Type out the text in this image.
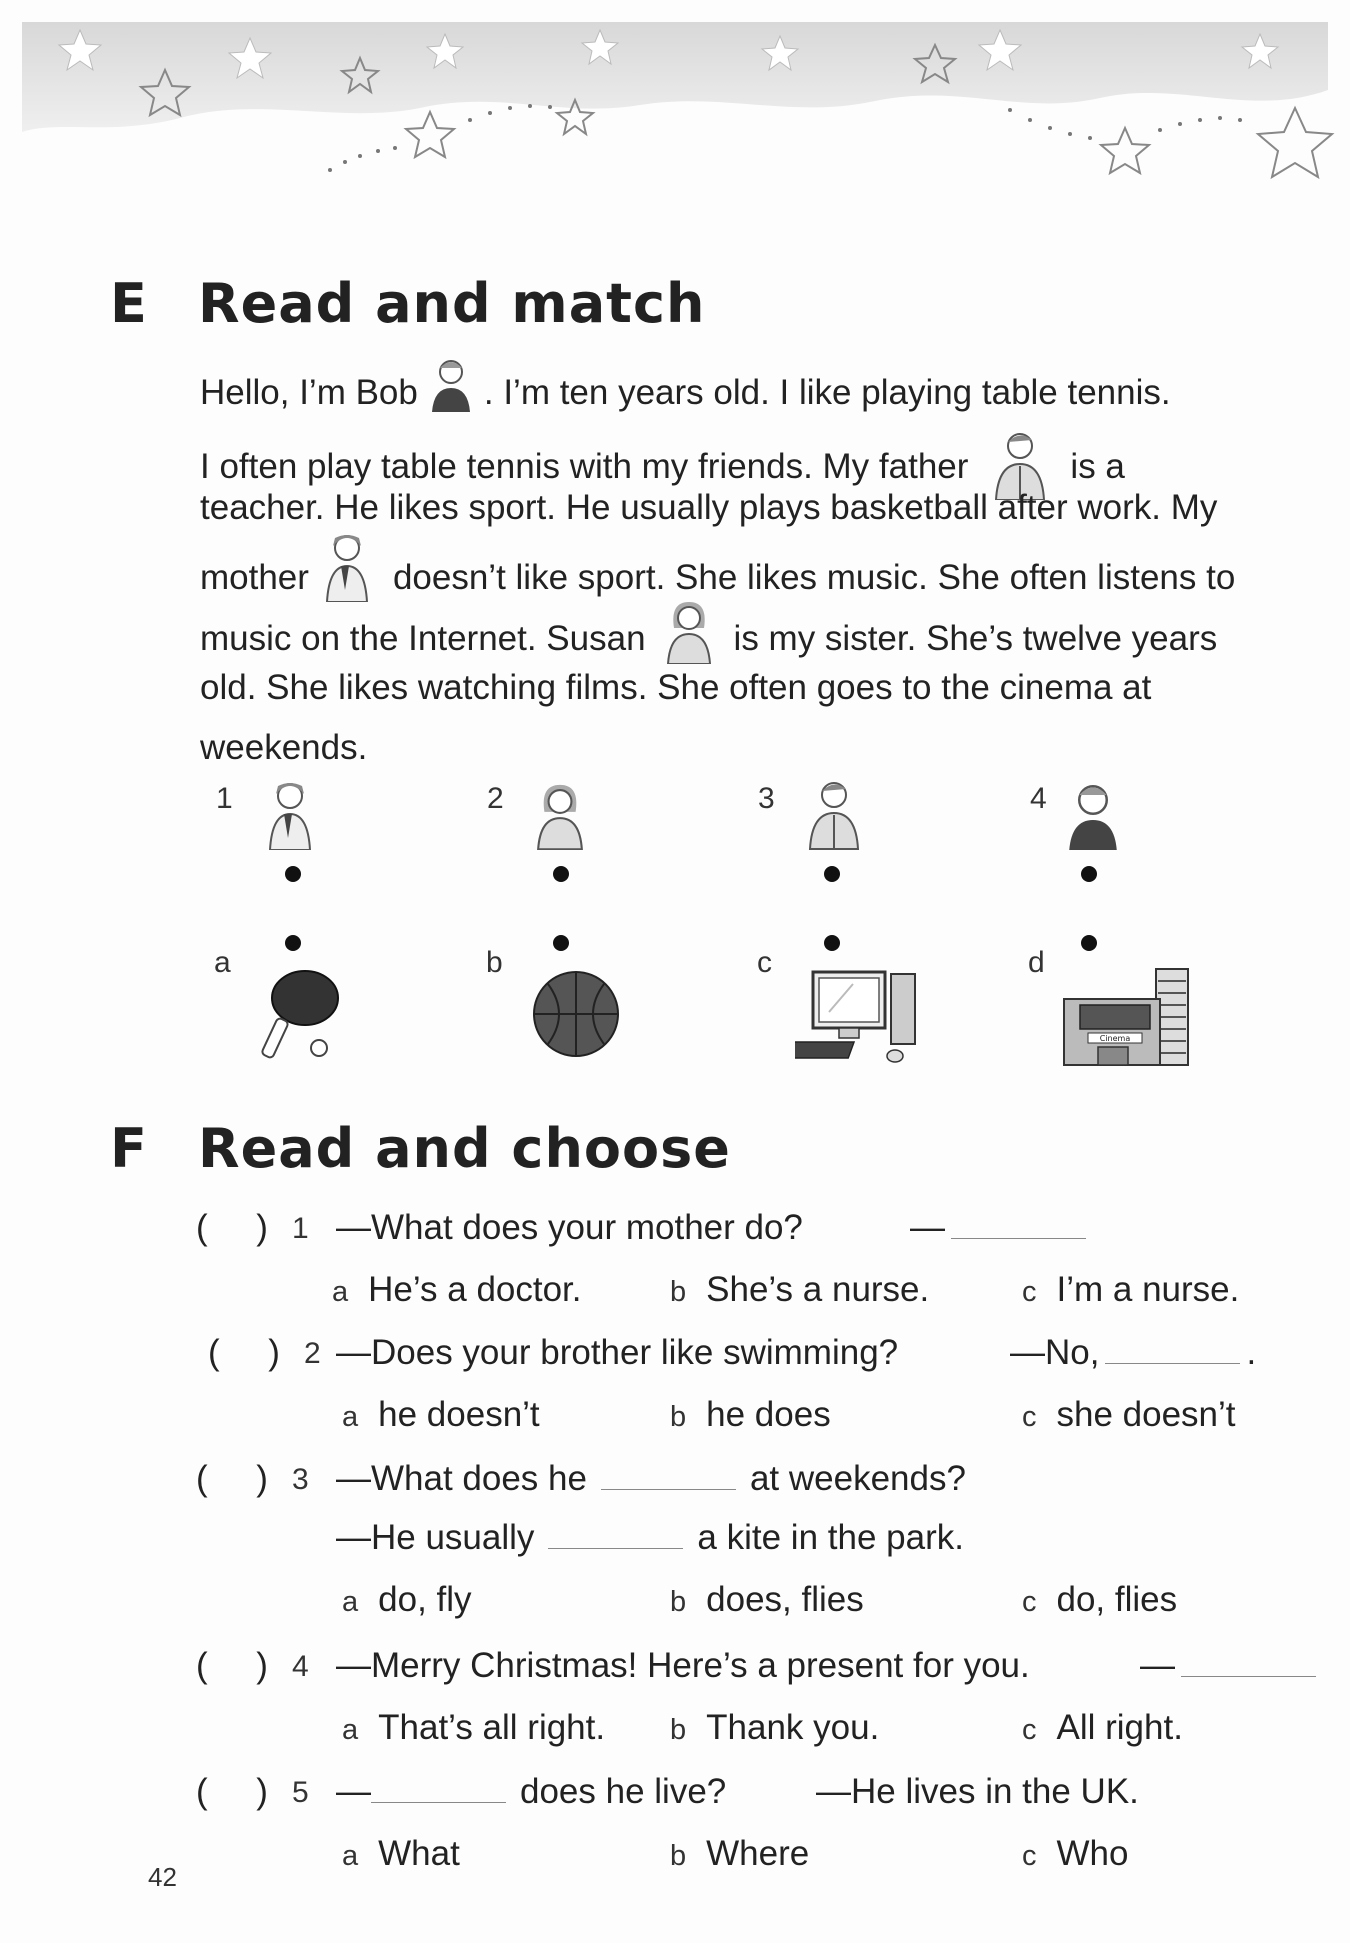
E Read and match
Hello, I’m Bob . I’m ten years old. I like playing table tennis.
I often play table tennis with my friends. My father	is a
teacher. He likes sport. He usually plays basketball after work. My
mother doesn’t like sport. She likes music. She often listens to
music on the Internet. Susan	is my sister. She’s twelve years
old. She likes watching films. She often goes to the cinema at
weekends.
1	2	3	4
a	b	c	d
Cinema
F Read and choose
(     ) 1 —What does your mother do?	—
a He’s a doctor.	b She’s a nurse.	c I’m a nurse.
(     ) 2 —Does your brother like swimming?	—No,	.
a he doesn’t	b he does	c she doesn’t
(     ) 3 —What does he	at weekends?
—He usually	a kite in the park.
a do, fly	b does, flies	c do, flies
(     ) 4 —Merry Christmas! Here’s a present for you.	—
a That’s all right. b Thank you.	c All right.
(     ) 5 —	does he live?	—He lives in the UK.
a What	b Where	c Who
42
